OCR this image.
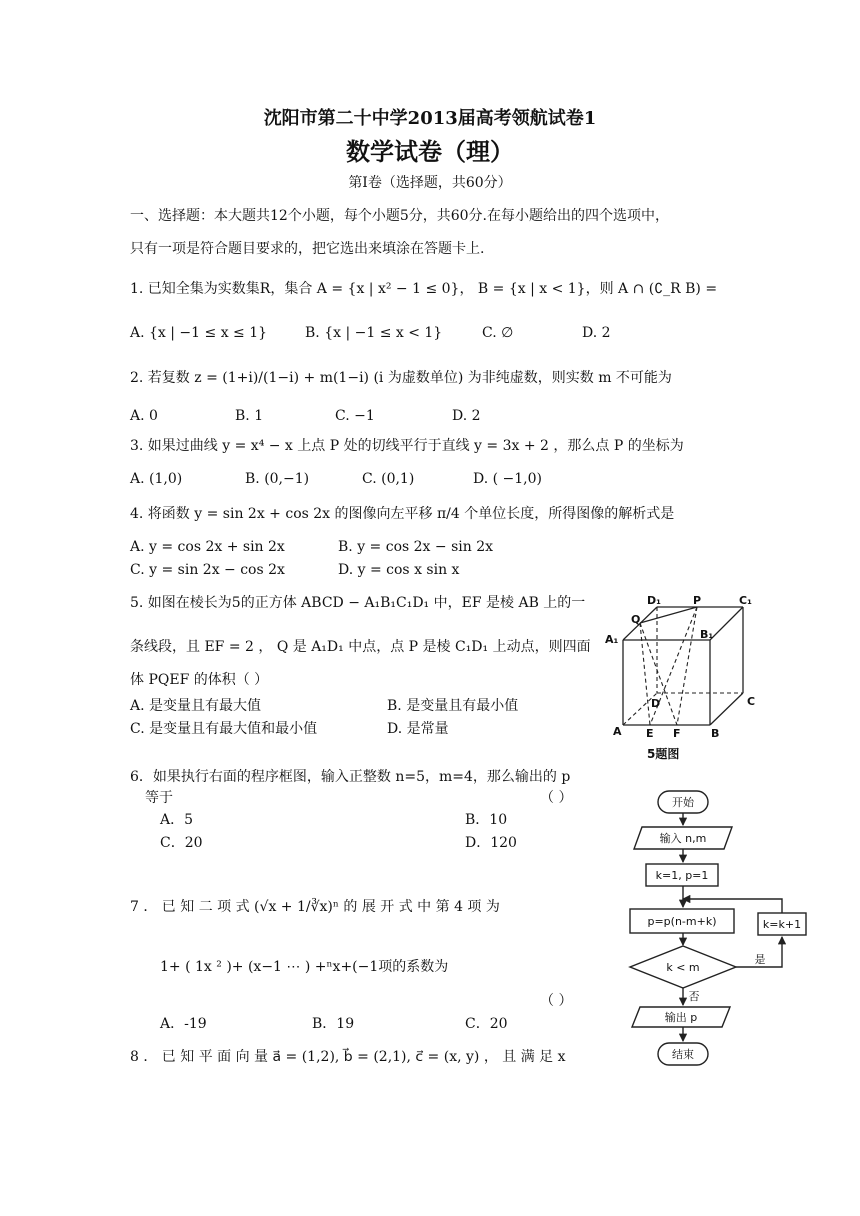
沈阳市第二十中学2013届高考领航试卷1
数学试卷（理）
第Ⅰ卷（选择题，共60分）
一、选择题：本大题共12个小题，每个小题5分，共60分.在每小题给出的四个选项中，
只有一项是符合题目要求的，把它选出来填涂在答题卡上.
1. 已知全集为实数集R，集合 A = {x | x² − 1 ≤ 0}， B = {x | x < 1}，则 A ∩ (∁_R B) =
A. {x | −1 ≤ x ≤ 1}	B. {x | −1 ≤ x < 1}	C. ∅	D. 2
2. 若复数 z = (1+i)/(1−i) + m(1−i) (i 为虚数单位) 为非纯虚数，则实数 m 不可能为
A. 0	B. 1	C. −1	D. 2
3. 如果过曲线 y = x⁴ − x 上点 P 处的切线平行于直线 y = 3x + 2 ，那么点 P 的坐标为
A. (1,0)	B. (0,−1)	C. (0,1)	D. ( −1,0)
4. 将函数 y = sin 2x + cos 2x 的图像向左平移 π/4 个单位长度，所得图像的解析式是
A. y = cos 2x + sin 2x	B. y = cos 2x − sin 2x
C. y = sin 2x − cos 2x	D. y = cos x sin x
5. 如图在棱长为5的正方体 ABCD − A₁B₁C₁D₁ 中，EF 是棱 AB 上的一
条线段，且 EF = 2 ， Q 是 A₁D₁ 中点，点 P 是棱 C₁D₁ 上动点，则四面
体 PQEF 的体积（ ）
A. 是变量且有最大值	B. 是变量且有最小值
C. 是变量且有最大值和最小值	D. 是常量
D₁	P	C₁
Q
A₁	B₁
D	C
A E F	B
5题图
6．如果执行右面的程序框图，输入正整数 n=5，m=4，那么输出的 p
等于	（ ）
A．5	B．10
C．20	D．120
开始
输入 n,m
k=1, p=1
p=p(n-m+k)
k < m
k=k+1
是
否
输出 p
结束
7 ． 已 知 二 项 式 (√x + 1/∛x)ⁿ 的 展 开 式 中 第 4 项 为
1+ ( 1x ² )+ (x−1 ⋯ ) +ⁿx+(−1项的系数为
（ ）
A．-19	B．19	C．20
8 ． 已 知 平 面 向 量 a⃗ = (1,2), b⃗ = (2,1), c⃗ = (x, y) ， 且 满 足 x
